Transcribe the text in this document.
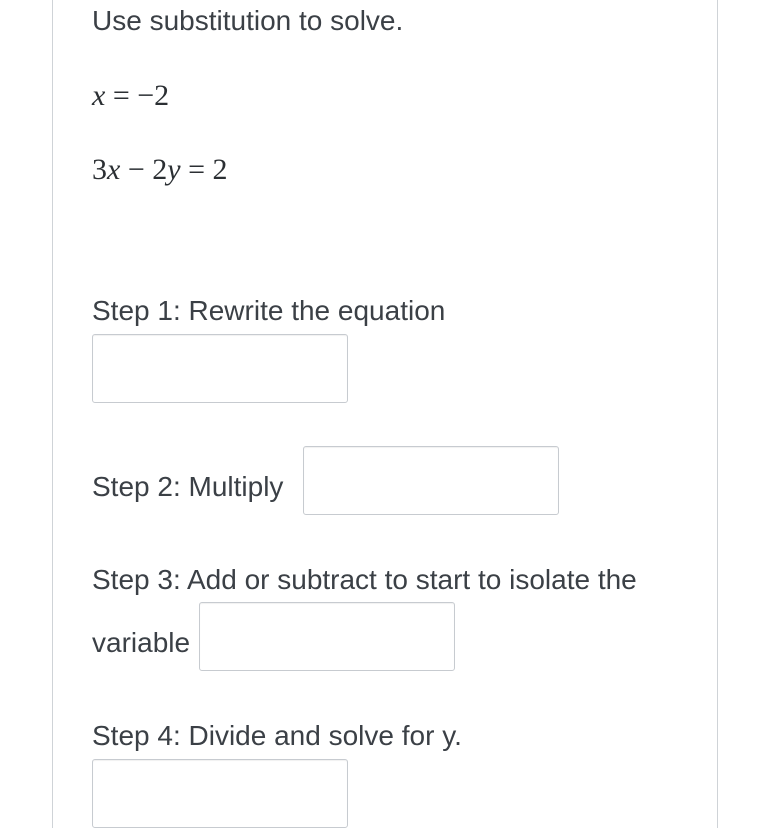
Use substitution to solve.
x = −2
3x − 2y = 2
Step 1: Rewrite the equation
Step 2: Multiply
Step 3: Add or subtract to start to isolate the
variable
Step 4: Divide and solve for y.
